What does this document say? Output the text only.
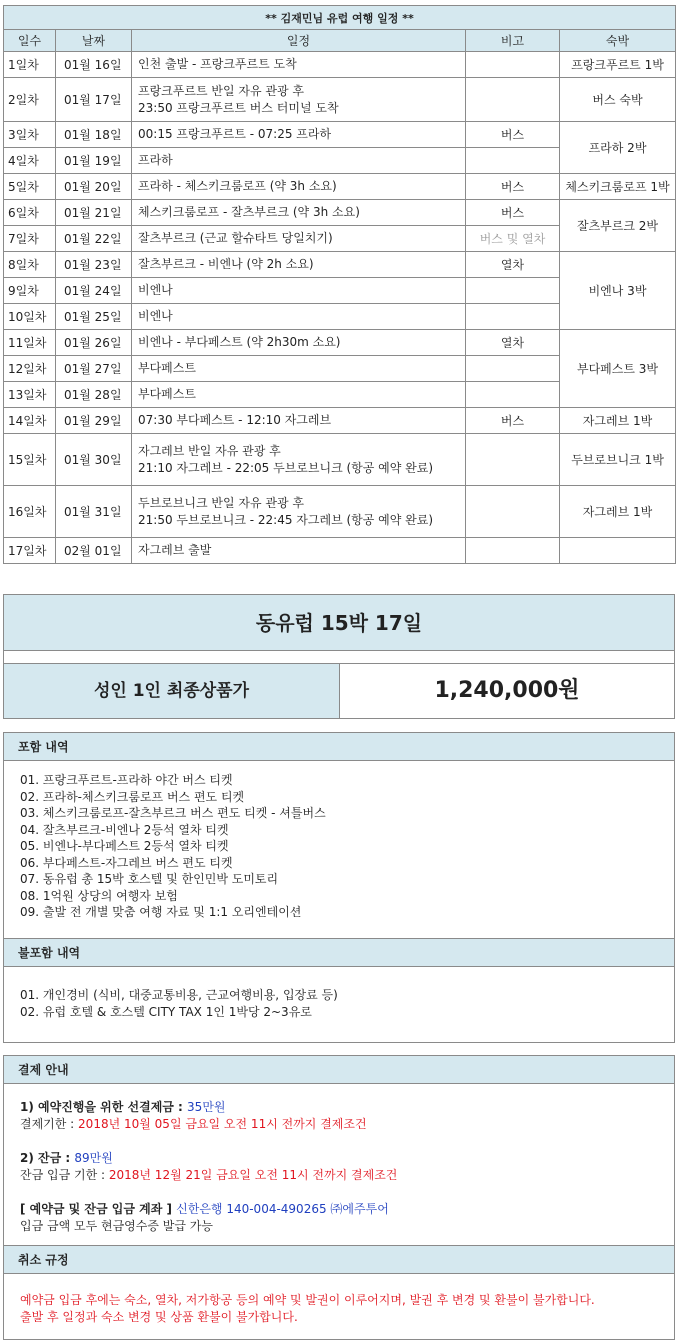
** 김재민님 유럽 여행 일정 **				
일수	날짜	일정	비고	숙박
1일차	01월 16일	인천 출발 - 프랑크푸르트 도착		프랑크푸르트 1박
2일차	01월 17일	프랑크푸르트 반일 자유 관광 후
23:50 프랑크푸르트 버스 터미널 도착		버스 숙박
3일차	01월 18일	00:15 프랑크푸르트 - 07:25 프라하	버스	프라하 2박
4일차	01월 19일	프라하		

5일차	01월 20일	프라하 - 체스키크룸로프 (약 3h 소요)	버스	체스키크룸로프 1박
6일차	01월 21일	체스키크룸로프 - 잘츠부르크 (약 3h 소요)	버스	잘츠부르크 2박
7일차	01월 22일	잘츠부르크 (근교 할슈타트 당일치기)	버스 및 열차	
8일차	01월 23일	잘츠부르크 - 비엔나 (약 2h 소요)	열차	비엔나 3박
9일차	01월 24일	비엔나		

10일차	01월 25일	비엔나		

11일차	01월 26일	비엔나 - 부다페스트 (약 2h30m 소요)	열차	부다페스트 3박
12일차	01월 27일	부다페스트		

13일차	01월 28일	부다페스트		

14일차	01월 29일	07:30 부다페스트 - 12:10 자그레브	버스	자그레브 1박
15일차	01월 30일	자그레브 반일 자유 관광 후
21:10 자그레브 - 22:05 두브로브니크 (항공 예약 완료)		두브로브니크 1박
16일차	01월 31일	두브로브니크 반일 자유 관광 후
21:50 두브로브니크 - 22:45 자그레브 (항공 예약 완료)		자그레브 1박
17일차	02월 01일	자그레브 출발		

동유럽 15박 17일
성인 1인 최종상품가	1,240,000원
포함 내역
01. 프랑크푸르트-프라하 야간 버스 티켓
02. 프라하-체스키크룸로프 버스 편도 티켓
03. 체스키크룸로프-잘츠부르크 버스 편도 티켓 - 셔틀버스
04. 잘츠부르크-비엔나 2등석 열차 티켓
05. 비엔나-부다페스트 2등석 열차 티켓
06. 부다페스트-자그레브 버스 편도 티켓
07. 동유럽 총 15박 호스텔 및 한인민박 도미토리
08. 1억원 상당의 여행자 보험
09. 출발 전 개별 맞춤 여행 자료 및 1:1 오리엔테이션
불포함 내역
01. 개인경비 (식비, 대중교통비용, 근교여행비용, 입장료 등)
02. 유럽 호텔 & 호스텔 CITY TAX 1인 1박당 2~3유로
결제 안내
1) 예약진행을 위한 선결제금 : 35만원
결제기한 : 2018년 10월 05일 금요일 오전 11시 전까지 결제조건
2) 잔금 : 89만원
잔금 입금 기한 : 2018년 12월 21일 금요일 오전 11시 전까지 결제조건
[ 예약금 및 잔금 입금 계좌 ] 신한은행 140-004-490265 ㈜에주투어
입금 금액 모두 현금영수증 발급 가능
취소 규정
예약금 입금 후에는 숙소, 열차, 저가항공 등의 예약 및 발권이 이루어지며, 발권 후 변경 및 환불이 불가합니다.
출발 후 일정과 숙소 변경 및 상품 환불이 불가합니다.
